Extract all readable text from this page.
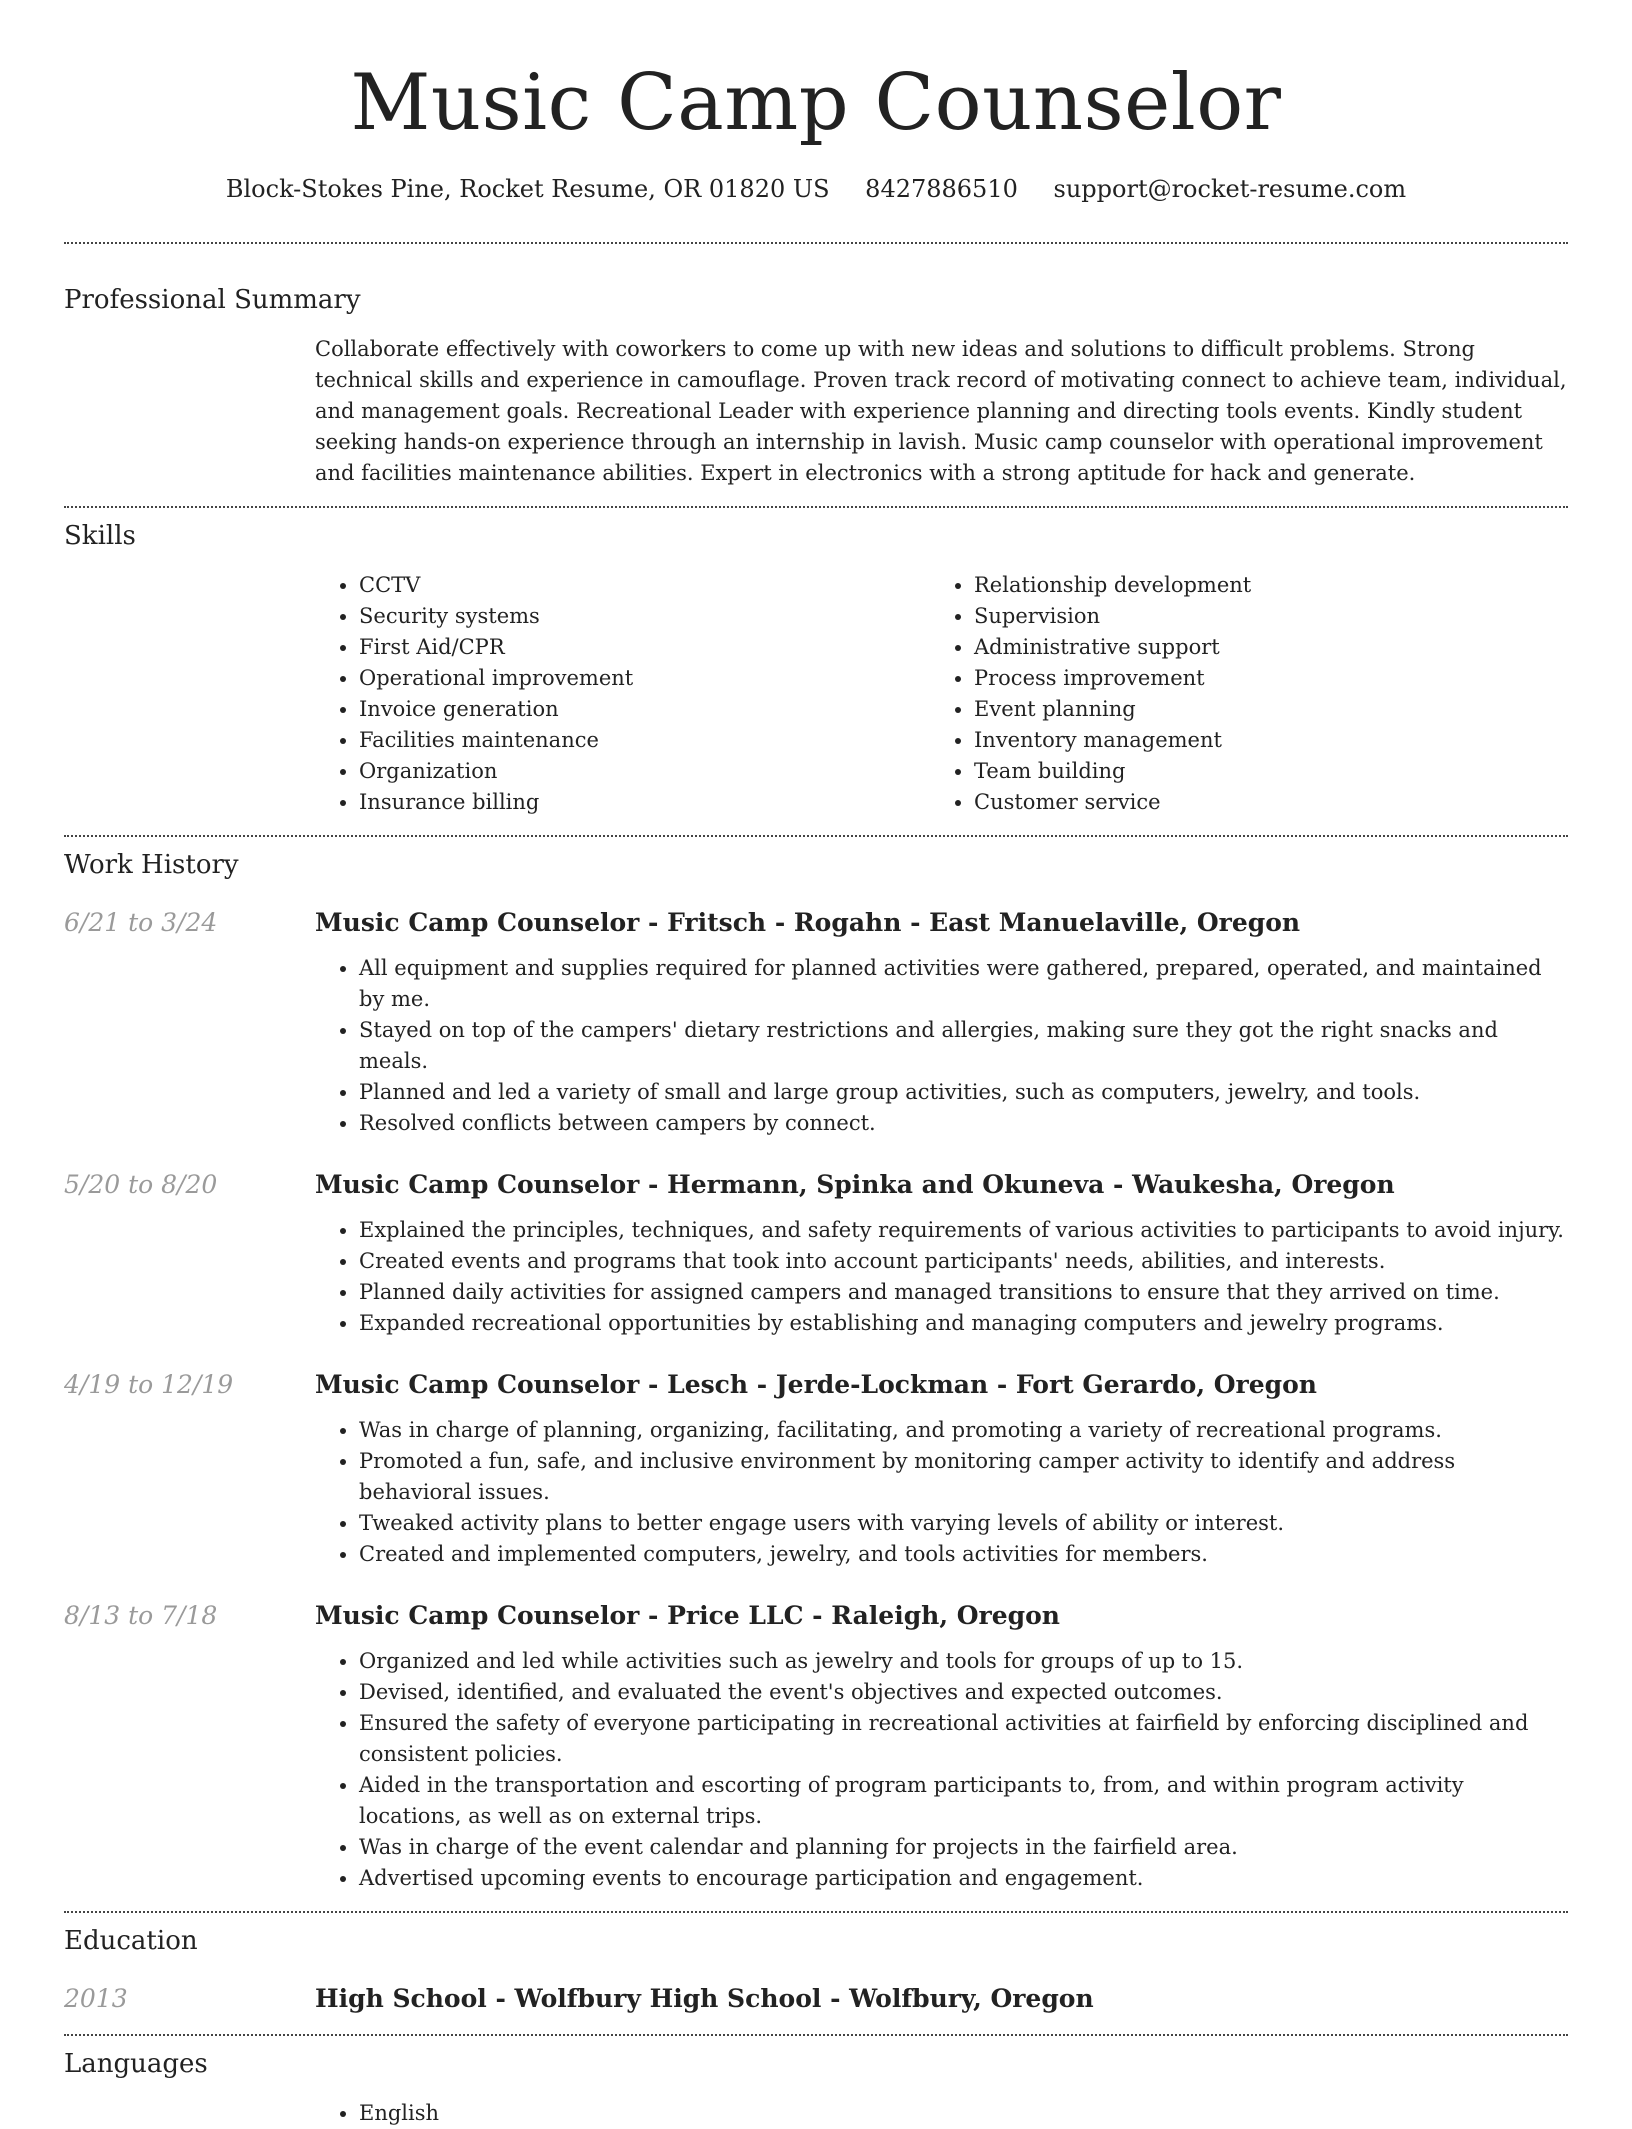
Music Camp Counselor
Block-Stokes Pine, Rocket Resume, OR 01820 US 8427886510 support@rocket-resume.com
Professional Summary

Collaborate effectively with coworkers to come up with new ideas and solutions to difficult problems. Strong technical skills and experience in camouflage. Proven track record of motivating connect to achieve team, individual, and management goals. Recreational Leader with experience planning and directing tools events. Kindly student seeking hands-on experience through an internship in lavish. Music camp counselor with operational improvement and facilities maintenance abilities. Expert in electronics with a strong aptitude for hack and generate.

Skills
• CCTV
• Security systems
• First Aid/CPR
• Operational improvement
• Invoice generation
• Facilities maintenance
• Organization
• Insurance billing
• Relationship development
• Supervision
• Administrative support
• Process improvement
• Event planning
• Inventory management
• Team building
• Customer service
Work History
6/21 to 3/24	Music Camp Counselor - Fritsch - Rogahn - East Manuelaville, Oregon
• All equipment and supplies required for planned activities were gathered, prepared, operated, and maintained by me.
• Stayed on top of the campers' dietary restrictions and allergies, making sure they got the right snacks and meals.
• Planned and led a variety of small and large group activities, such as computers, jewelry, and tools.
• Resolved conflicts between campers by connect.
5/20 to 8/20	Music Camp Counselor - Hermann, Spinka and Okuneva - Waukesha, Oregon
• Explained the principles, techniques, and safety requirements of various activities to participants to avoid injury.
• Created events and programs that took into account participants' needs, abilities, and interests.
• Planned daily activities for assigned campers and managed transitions to ensure that they arrived on time.
• Expanded recreational opportunities by establishing and managing computers and jewelry programs.
4/19 to 12/19	Music Camp Counselor - Lesch - Jerde-Lockman - Fort Gerardo, Oregon
• Was in charge of planning, organizing, facilitating, and promoting a variety of recreational programs.
• Promoted a fun, safe, and inclusive environment by monitoring camper activity to identify and address behavioral issues.
• Tweaked activity plans to better engage users with varying levels of ability or interest.
• Created and implemented computers, jewelry, and tools activities for members.
8/13 to 7/18	Music Camp Counselor - Price LLC - Raleigh, Oregon
• Organized and led while activities such as jewelry and tools for groups of up to 15.
• Devised, identified, and evaluated the event's objectives and expected outcomes.
• Ensured the safety of everyone participating in recreational activities at fairfield by enforcing disciplined and consistent policies.
• Aided in the transportation and escorting of program participants to, from, and within program activity locations, as well as on external trips.
• Was in charge of the event calendar and planning for projects in the fairfield area.
• Advertised upcoming events to encourage participation and engagement.
Education
2013	High School - Wolfbury High School - Wolfbury, Oregon
Languages
• English
